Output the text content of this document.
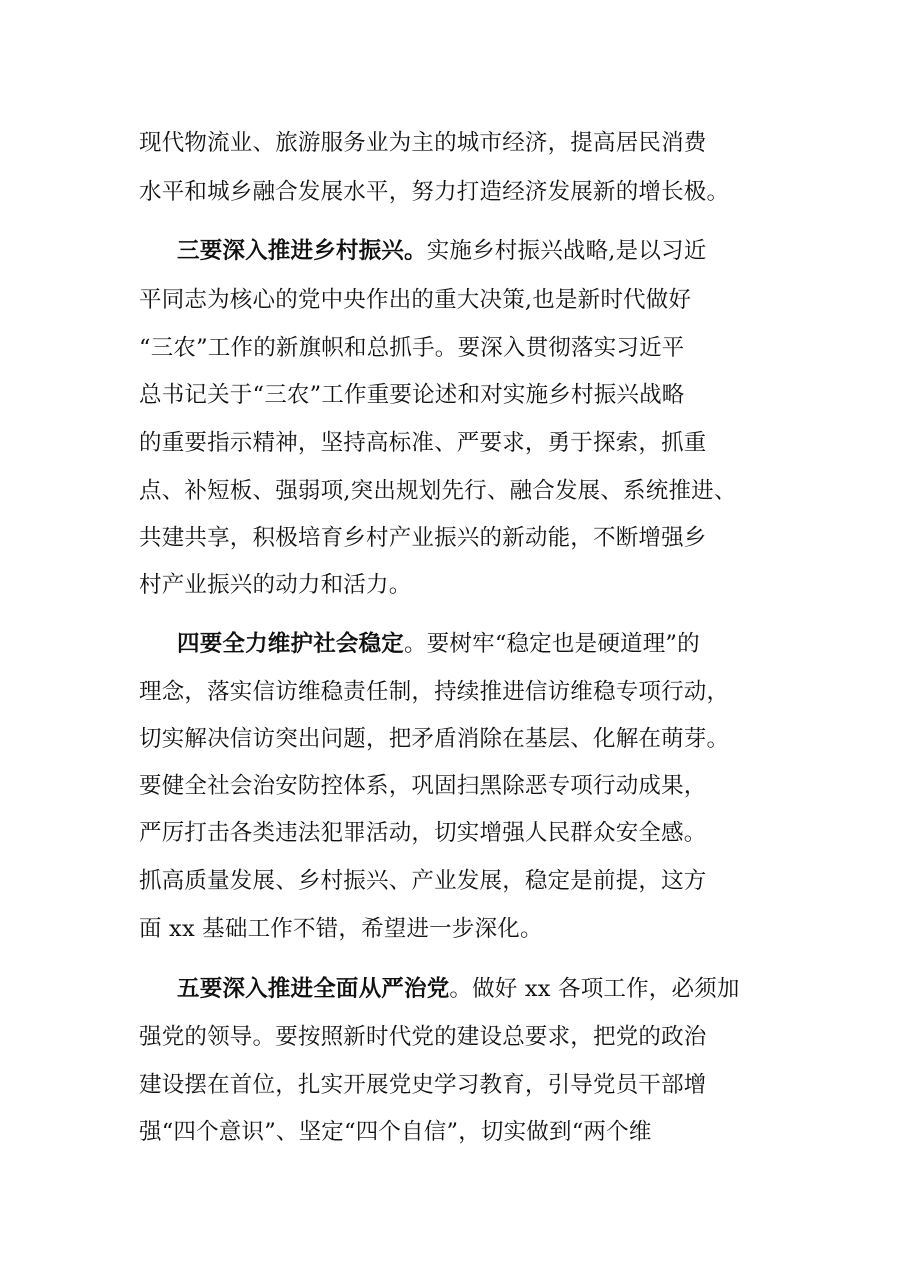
现代物流业、旅游服务业为主的城市经济，提高居民消费
水平和城乡融合发展水平，努力打造经济发展新的增长极。
三要深入推进乡村振兴。实施乡村振兴战略,是以习近
平同志为核心的党中央作出的重大决策,也是新时代做好
“三农”工作的新旗帜和总抓手。要深入贯彻落实习近平
总书记关于“三农”工作重要论述和对实施乡村振兴战略
的重要指示精神，坚持高标准、严要求，勇于探索，抓重
点、补短板、强弱项,突出规划先行、融合发展、系统推进、
共建共享，积极培育乡村产业振兴的新动能，不断增强乡
村产业振兴的动力和活力。
四要全力维护社会稳定。要树牢“稳定也是硬道理”的
理念，落实信访维稳责任制，持续推进信访维稳专项行动，
切实解决信访突出问题，把矛盾消除在基层、化解在萌芽。
要健全社会治安防控体系，巩固扫黑除恶专项行动成果，
严厉打击各类违法犯罪活动，切实增强人民群众安全感。
抓高质量发展、乡村振兴、产业发展，稳定是前提，这方
面 xx 基础工作不错，希望进一步深化。
五要深入推进全面从严治党。做好 xx 各项工作，必须加
强党的领导。要按照新时代党的建设总要求，把党的政治
建设摆在首位，扎实开展党史学习教育，引导党员干部增
强“四个意识”、坚定“四个自信”，切实做到“两个维
